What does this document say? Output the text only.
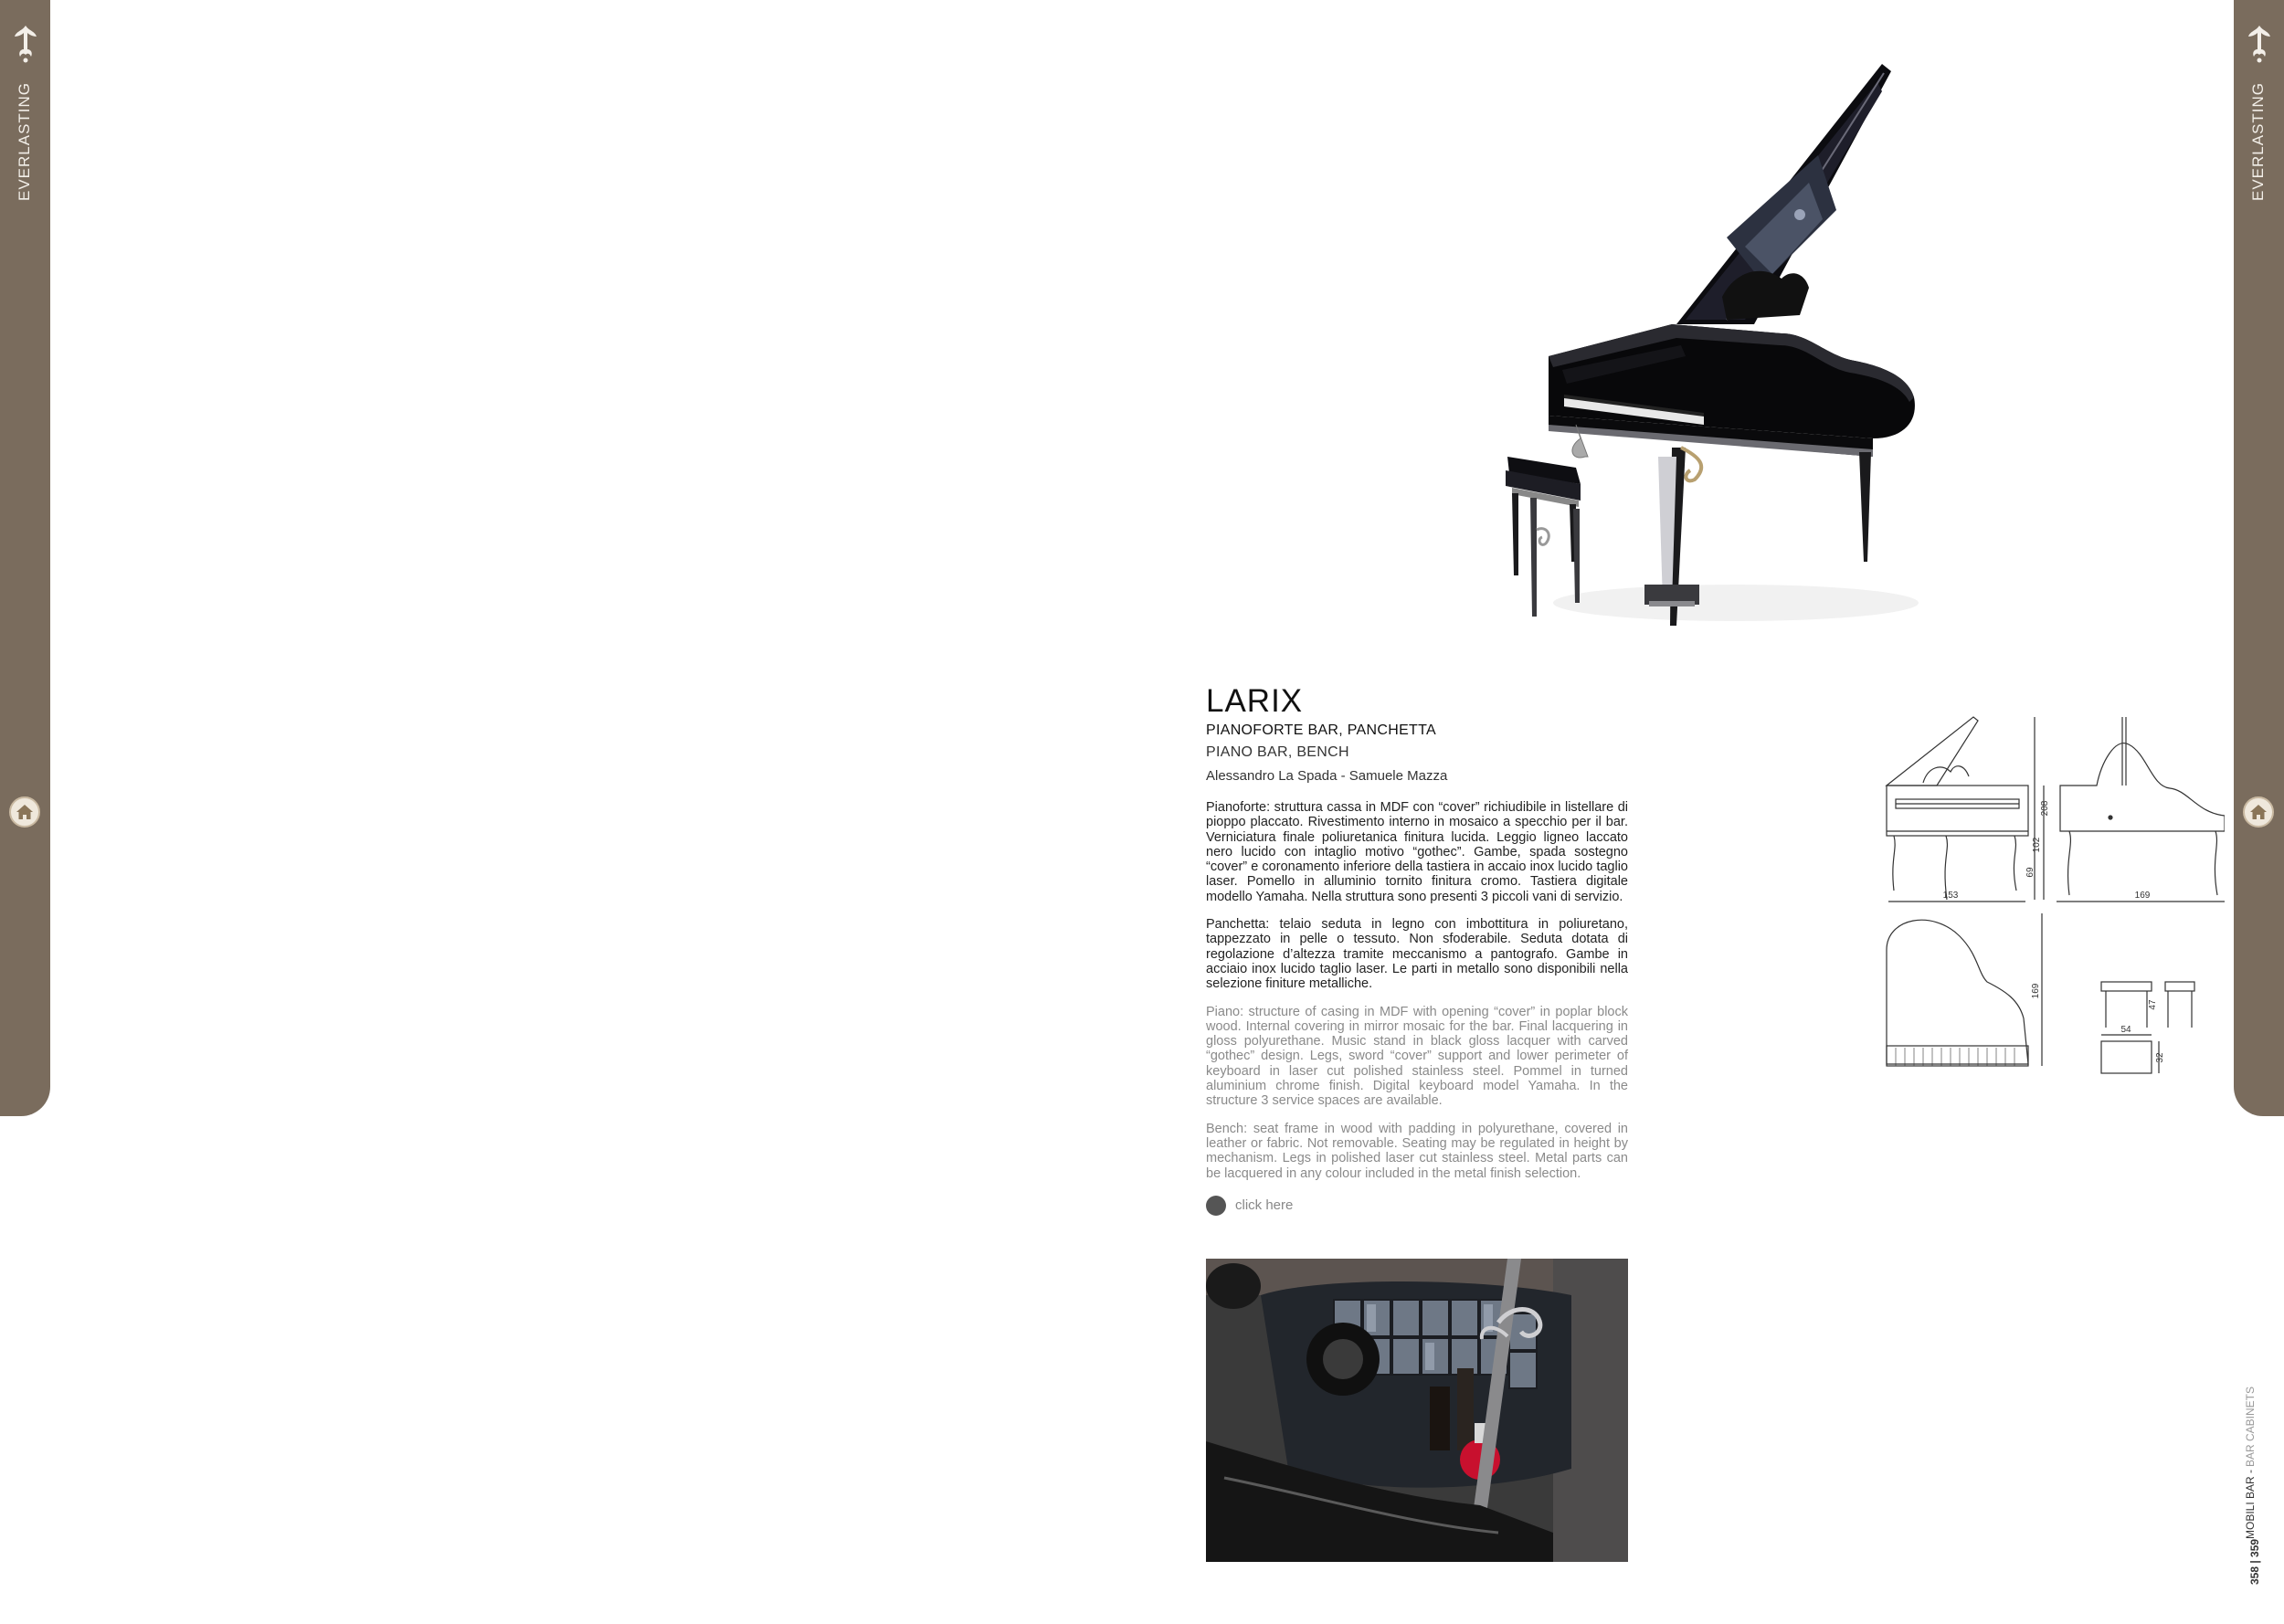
EVERLASTING	EVERLASTING
LARIX
PIANOFORTE BAR, PANCHETTA
PIANO BAR, BENCH
Alessandro La Spada - Samuele Mazza

Pianoforte: struttura cassa in MDF con “cover” richiudibile in listellare di pioppo placcato. Rivestimento interno in mosaico a specchio per il bar. Verniciatura finale poliuretanica finitura lucida. Leggio ligneo laccato nero lucido con intaglio motivo “gothec”. Gambe, spada sostegno “cover” e coronamento inferiore della tastiera in accaio inox lucido taglio laser. Pomello in alluminio tornito finitura cromo. Tastiera digitale modello Yamaha. Nella struttura sono presenti 3 piccoli vani di servizio.

Panchetta: telaio seduta in legno con imbottitura in poliuretano, tappezzato in pelle o tessuto. Non sfoderabile. Seduta dotata di regolazione d’altezza tramite meccanismo a pantografo. Gambe in acciaio inox lucido taglio laser. Le parti in metallo sono disponibili nella selezione finiture metalliche.

Piano: structure of casing in MDF with opening “cover” in poplar block wood. Internal covering in mirror mosaic for the bar. Final lacquering in gloss polyurethane. Music stand in black gloss lacquer with carved “gothec” design. Legs, sword “cover” support and lower perimeter of keyboard in laser cut polished stainless steel. Pommel in turned aluminium chrome finish. Digital keyboard model Yamaha. In the structure 3 service spaces are available.

Bench: seat frame in wood with padding in polyurethane, covered in leather or fabric. Not removable. Seating may be regulated in height by mechanism. Legs in polished laser cut stainless steel. Metal parts can be lacquered in any colour included in the metal finish selection.

click here
153	169
208
102
69
169
54
47
32
358 | 359
MOBILI BAR -

BAR CABINETS
